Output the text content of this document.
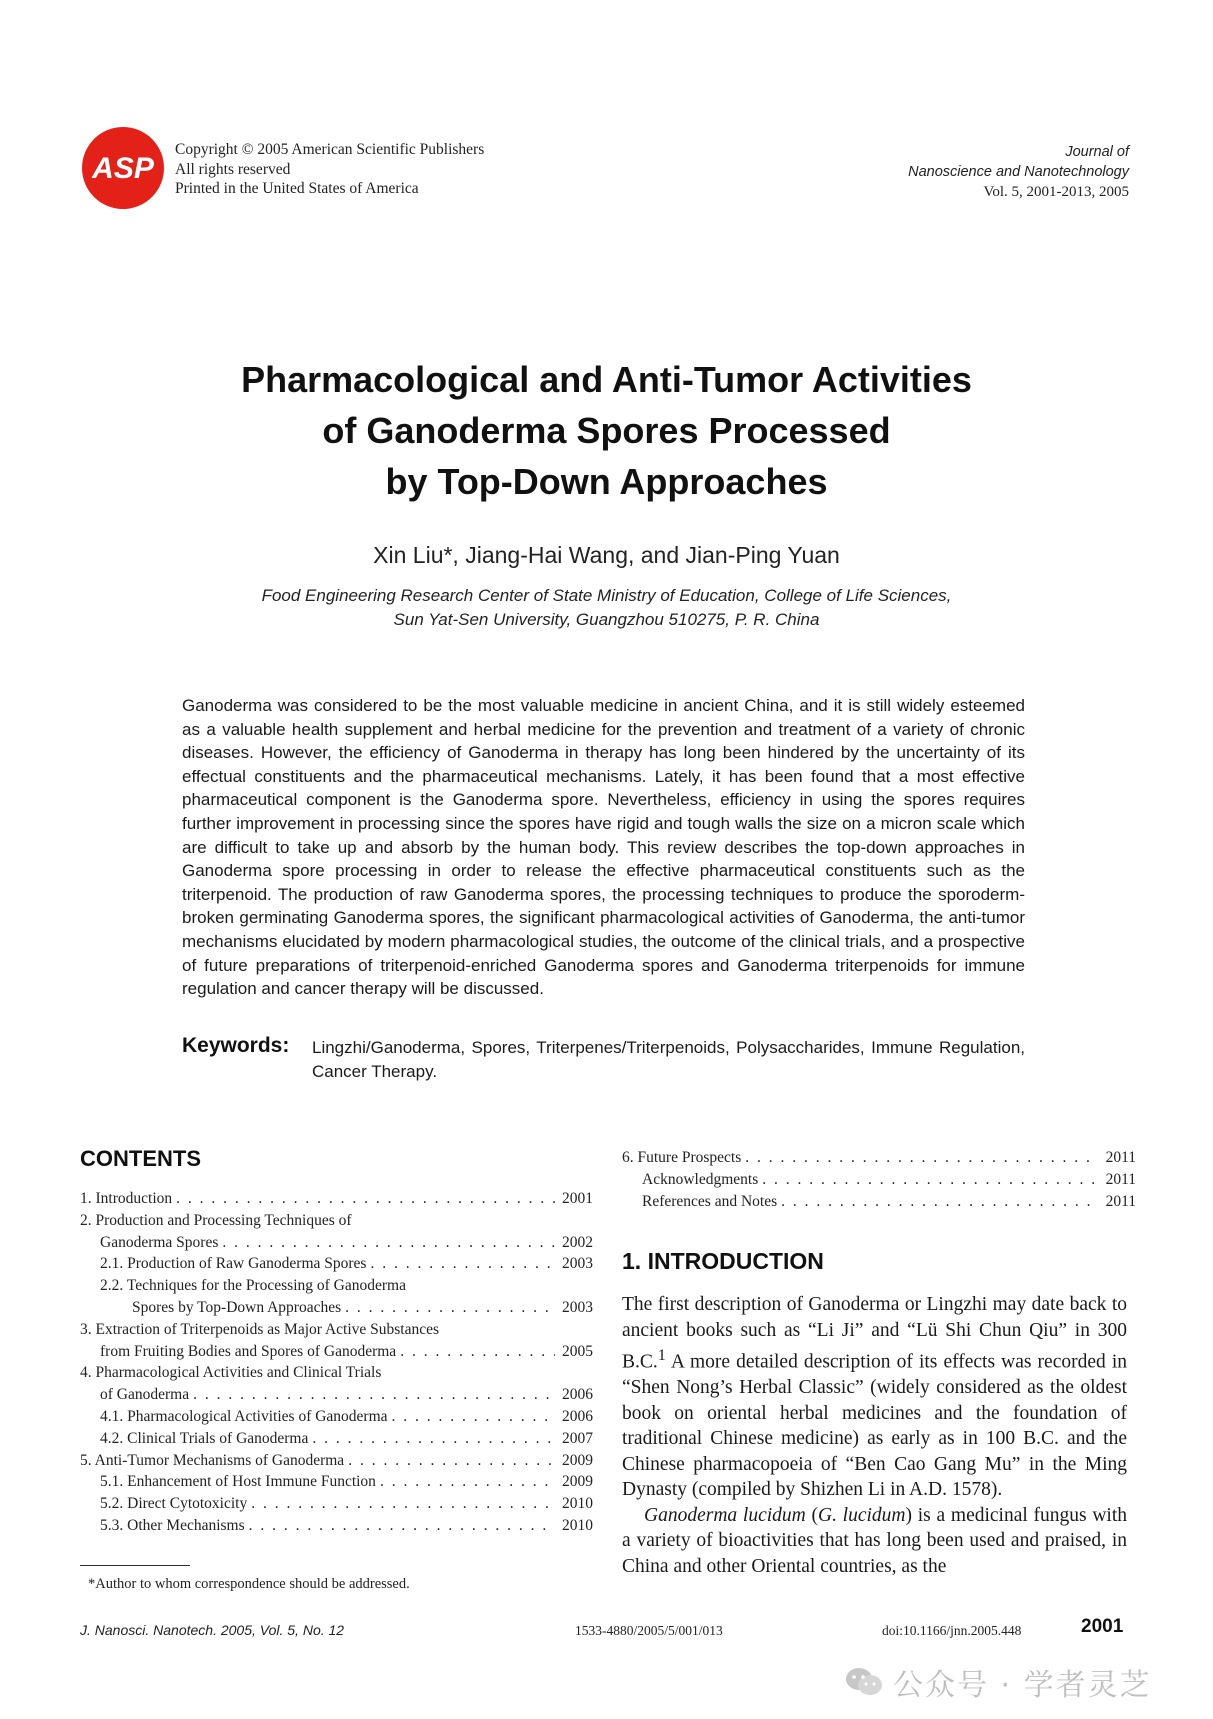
ASP
Copyright © 2005 American Scientific Publishers
All rights reserved
Printed in the United States of America
Journal of
Nanoscience and Nanotechnology
Vol. 5, 2001-2013, 2005
Pharmacological and Anti-Tumor Activities
of Ganoderma Spores Processed
by Top-Down Approaches
Xin Liu*, Jiang-Hai Wang, and Jian-Ping Yuan
Food Engineering Research Center of State Ministry of Education, College of Life Sciences,
Sun Yat-Sen University, Guangzhou 510275, P. R. China
Ganoderma was considered to be the most valuable medicine in ancient China, and it is still widely esteemed as a valuable health supplement and herbal medicine for the prevention and treatment of a variety of chronic diseases. However, the efficiency of Ganoderma in therapy has long been hindered by the uncertainty of its effectual constituents and the pharmaceutical mechanisms. Lately, it has been found that a most effective pharmaceutical component is the Ganoderma spore. Nevertheless, efficiency in using the spores requires further improvement in processing since the spores have rigid and tough walls the size on a micron scale which are difficult to take up and absorb by the human body. This review describes the top-down approaches in Ganoderma spore processing in order to release the effective pharmaceutical constituents such as the triterpenoid. The production of raw Ganoderma spores, the processing techniques to produce the sporoderm-broken germinating Ganoderma spores, the significant pharmacological activities of Ganoderma, the anti-tumor mechanisms elucidated by modern pharmacological studies, the outcome of the clinical trials, and a prospective of future preparations of triterpenoid-enriched Ganoderma spores and Ganoderma triterpenoids for immune regulation and cancer therapy will be discussed.
Keywords: Lingzhi/Ganoderma, Spores, Triterpenes/Triterpenoids, Polysaccharides, Immune Regulation, Cancer Therapy.
CONTENTS
1. Introduction . . .	2001
2. Production and Processing Techniques of
Ganoderma Spores . . .	2002
2.1. Production of Raw Ganoderma Spores . . .	2003
2.2. Techniques for the Processing of Ganoderma
Spores by Top-Down Approaches . . .	2003
3. Extraction of Triterpenoids as Major Active Substances
from Fruiting Bodies and Spores of Ganoderma . . .	2005
4. Pharmacological Activities and Clinical Trials
of Ganoderma . . .	2006
4.1. Pharmacological Activities of Ganoderma . . .	2006
4.2. Clinical Trials of Ganoderma . . .	2007
5. Anti-Tumor Mechanisms of Ganoderma . . .	2009
5.1. Enhancement of Host Immune Function . . .	2009
5.2. Direct Cytotoxicity . . .	2010
5.3. Other Mechanisms . . .	2010
6. Future Prospects . . .	2011
Acknowledgments . . .	2011
References and Notes . . .	2011
1. INTRODUCTION

The first description of Ganoderma or Lingzhi may date back to ancient books such as “Li Ji” and “Lü Shi Chun Qiu” in 300 B.C.$^1$ A more detailed description of its effects was recorded in “Shen Nong’s Herbal Classic” (widely considered as the oldest book on oriental herbal medicines and the foundation of traditional Chinese medicine) as early as in 100 B.C. and the Chinese pharmacopoeia of “Ben Cao Gang Mu” in the Ming Dynasty (compiled by Shizhen Li in A.D. 1578).

Ganoderma lucidum (G. lucidum) is a medicinal fungus with a variety of bioactivities that has long been used and praised, in China and other Oriental countries, as the

*Author to whom correspondence should be addressed.
J. Nanosci. Nanotech. 2005, Vol. 5, No. 12	1533-4880/2005/5/001/013	doi:10.1166/jnn.2005.448	2001
公众号 · 学者灵芝
